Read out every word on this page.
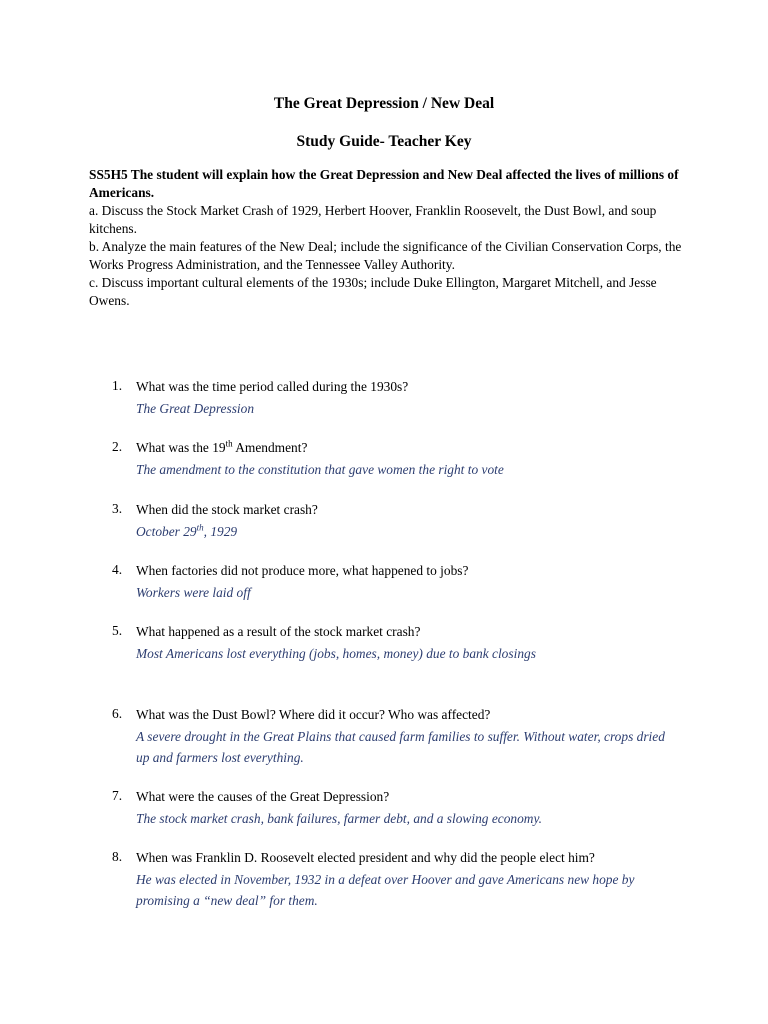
The Great Depression / New Deal
Study Guide- Teacher Key
SS5H5 The student will explain how the Great Depression and New Deal affected the lives of millions of Americans.
a. Discuss the Stock Market Crash of 1929, Herbert Hoover, Franklin Roosevelt, the Dust Bowl, and soup kitchens.
b. Analyze the main features of the New Deal; include the significance of the Civilian Conservation Corps, the Works Progress Administration, and the Tennessee Valley Authority.
c. Discuss important cultural elements of the 1930s; include Duke Ellington, Margaret Mitchell, and Jesse Owens.
1.	What was the time period called during the 1930s?
The Great Depression
2.	What was the 19th Amendment?
The amendment to the constitution that gave women the right to vote
3.	When did the stock market crash?
October 29th, 1929
4.	When factories did not produce more, what happened to jobs?
Workers were laid off
5.	What happened as a result of the stock market crash?
Most Americans lost everything (jobs, homes, money) due to bank closings
6.	What was the Dust Bowl? Where did it occur? Who was affected?
A severe drought in the Great Plains that caused farm families to suffer. Without water, crops dried up and farmers lost everything.
7.	What were the causes of the Great Depression?
The stock market crash, bank failures, farmer debt, and a slowing economy.
8.	When was Franklin D. Roosevelt elected president and why did the people elect him?
He was elected in November, 1932 in a defeat over Hoover and gave Americans new hope by promising a “new deal” for them.
